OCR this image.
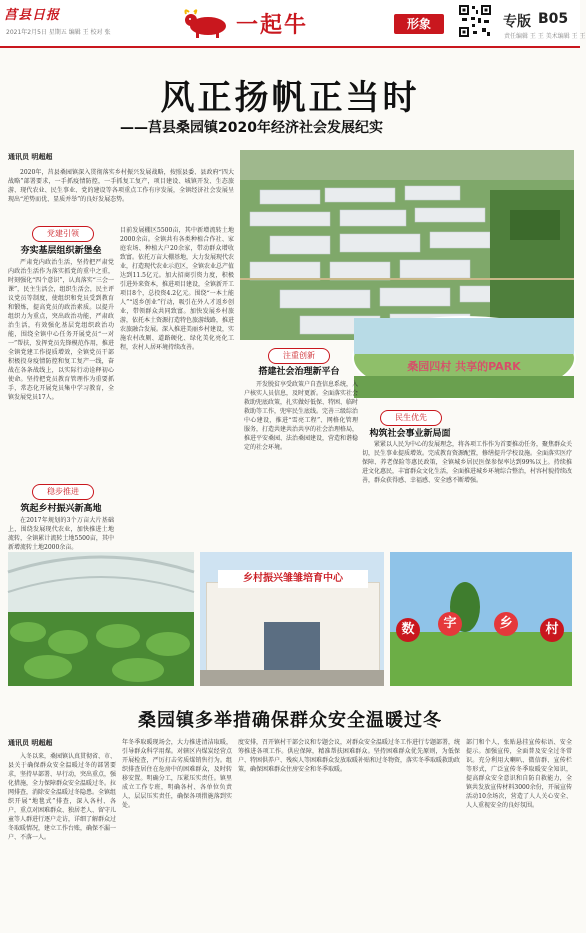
莒县日报
2021年2月5日 星期五 编辑 王 校对 张	一起牛	形象	专版 B05
责任编辑 王 王 美术编辑 王 王
风正扬帆正当时
——莒县桑园镇2020年经济社会发展纪实
通讯员 明超超
2020年，莒县桑园镇深入贯彻落实乡村振兴发展战略，按照县委、县政府“四大战略”部署要求，一手抓疫情防控，一手抓复工复产，项目建设、城镇开发、生态旅游、现代农业、民生事业、党的建设等各项重点工作有序发展，全镇经济社会发展呈现出“逆势而优、显质并举”的良好发展态势。
党建引领
夯实基层组织新堡垒
严肃党内政治生活，坚持把严肃党内政治生活作为落实抓党的重中之重，时刻强化“四个意识”，认真落实“三会一课”，民主生活会，组织生活会，民主评议党员等制度，使组织和党员受到教育和锻炼，提高党员的政治素质。以提升组织力为重点，突出政治功能，严肃政治生活，有效强化基层党组织政治功能，围绕全镇中心任务开展党员“一对一”帮扶，发挥党员先锋模范作用，推进全镇党建工作提质增效，全镇党员干部积极投身疫情防控和复工复产一线，奋战在各条战线上，以实际行动诠释初心使命。坚持把党员教育管理作为重要抓手，常态化开展党员集中学习教育，全镇发展党员17人。
稳步推进
筑起乡村振兴新高地
在2017年规划的3个万亩大片基础上，围绕发展现代农业，加快推进土地流转，全镇累计流转土地5500亩，其中新增流转土地2000余亩。
目前发展棚区5500亩，其中新增流转土地2000余亩。全镇共有各类种植合作社、家庭农场、种植大户20余家，带动群众增收致富。依托万亩大棚基地，大力发展现代农业，打造现代农业示范区，全镇农业总产值达到11.5亿元。加大招商引资力度，积极引进外来资本，推进项目建设，全镇新开工项目8个，总投资4.2亿元。围绕“一本土能人”“返乡创业”行动，吸引在外人才返乡创业，带领群众共同致富。加快发展乡村旅游，依托本土资源打造特色旅游线路，推进农旅融合发展。深入推进美丽乡村建设，实施农村改厕、道路硬化、绿化美化亮化工程，农村人居环境持续改善。
桑园四村 共享的PARK
注重创新
搭建社会治理新平台
开发脱贫享受政策户自查信息系统，入户核实人员信息，及时更新。全面落实社会救助兜底政策，扎实做好低保、特困、临时救助等工作，兜牢民生底线。完善三级综治中心建设，推进“雪亮工程”、网格化管理服务，打造共建共治共享的社会治理格局，推进平安桑园、法治桑园建设，营造和谐稳定的社会环境。
民生优先
构筑社会事业新局面
紧紧以人民为中心的发展理念，将各项工作作为首要推动任务，聚焦群众关切，民生事业提质增效。完成教育资源配置，修缮提升学校设施。全面落实医疗保障、养老保险等惠民政策，全镇城乡居民医保参保率达到99%以上。持续推进文化惠民，丰富群众文化生活，全面推进城乡环境综合整治，村容村貌持续改善，群众获得感、幸福感、安全感不断增强。
乡村振兴雏雏培育中心
数	字	乡	村
桑园镇多举措确保群众安全温暖过冬
通讯员 明超超
入冬以来，桑园镇认真贯彻省、市、县关于确保群众安全温暖过冬的部署要求，坚持早部署、早行动，突出重点，强化措施，全力保障群众安全温暖过冬。拉网排查，消除安全温暖过冬隐患。全镇组织开展“地毯式”排查，深入各村、各户，重点对困难群众、独居老人、留守儿童等人群进行逐户走访，详细了解群众过冬取暖情况，建立工作台账，确保不漏一户、不落一人。
年冬季取暖现场会，大力推进清洁取暖，引导群众科学用煤。对辖区内煤炭经营点开展检查，严厉打击劣质煤销售行为。组织排查居住在危房中的困难群众，及时转移安置。明确分工，压紧压实责任。镇里成立工作专班，明确各村、各单位负责人，层层压实责任，确保各项措施落到实处。
度安排，召开镇村干部会议和专题会议，对群众安全温暖过冬工作进行专题部署，统筹推进各项工作。供应保障，精准帮扶困难群众。坚持困难群众优先原则，为低保户、特困供养户、残疾人等困难群众发放取暖补贴和过冬物资，落实冬季取暖救助政策，确保困难群众住房安全和冬季取暖。
部门和个人，张贴悬挂宣传标语、安全提示。加强宣传，全面普及安全过冬常识。充分利用大喇叭、微信群、宣传栏等形式，广泛宣传冬季取暖安全知识，提高群众安全意识和自防自救能力，全镇共发放宣传材料3000余份，开展宣传活动10余场次，营造了人人关心安全、人人重视安全的良好氛围。
